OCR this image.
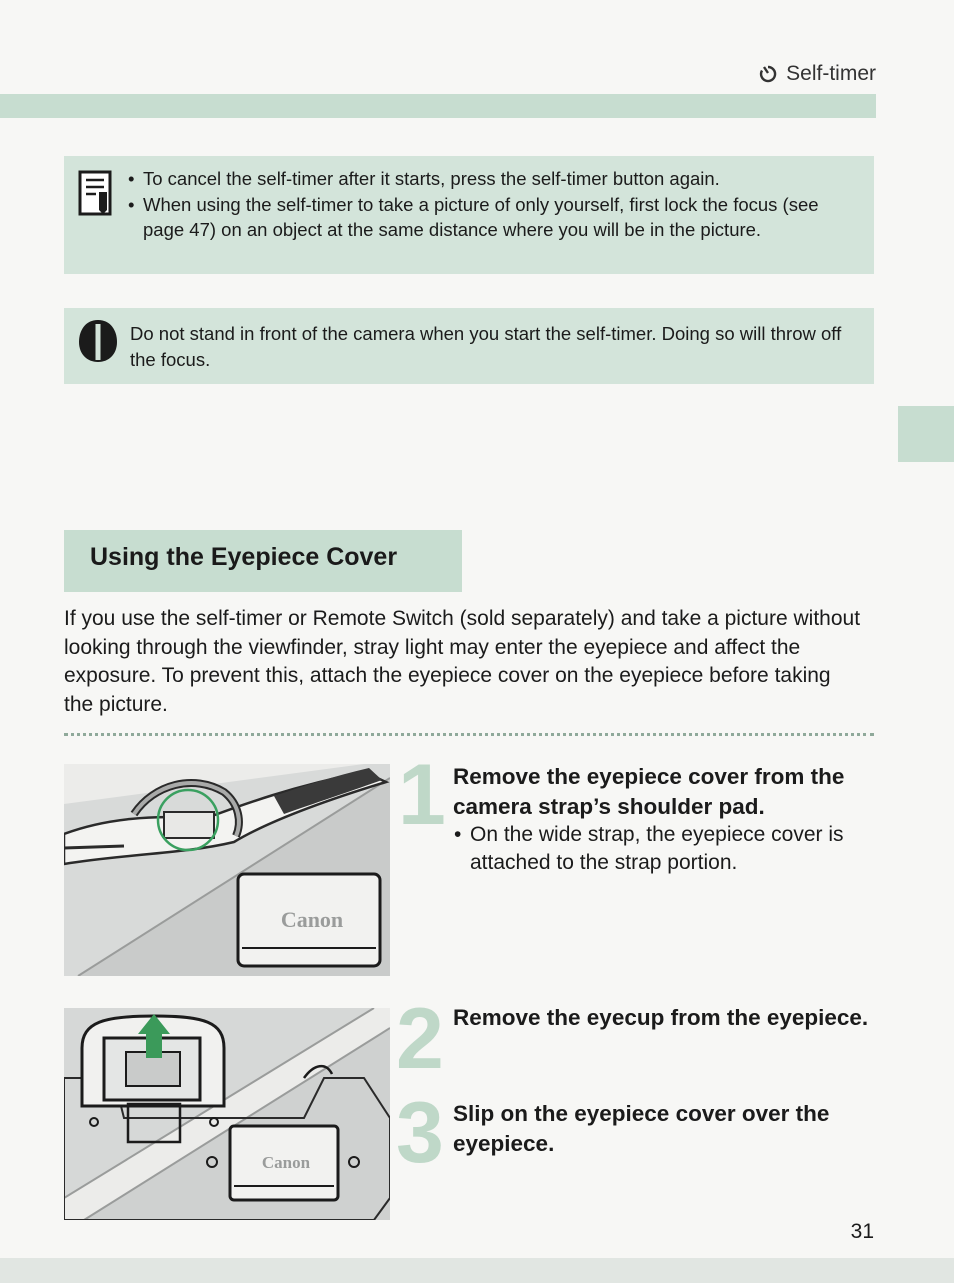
Self-timer
• To cancel the self-timer after it starts, press the self-timer button again.
• When using the self-timer to take a picture of only yourself, first lock the focus (see page 47) on an object at the same distance where you will be in the picture.
Do not stand in front of the camera when you start the self-timer. Doing so will throw off the focus.
Using the Eyepiece Cover
If you use the self-timer or Remote Switch (sold separately) and take a picture without looking through the viewfinder, stray light may enter the eyepiece and affect the exposure. To prevent this, attach the eyepiece cover on the eyepiece before taking the picture.
Canon
1 Remove the eyepiece cover from the camera strap’s shoulder pad.
• On the wide strap, the eyepiece cover is attached to the strap portion.
Canon
2 Remove the eyecup from the eyepiece.
3 Slip on the eyepiece cover over the eyepiece.
31
